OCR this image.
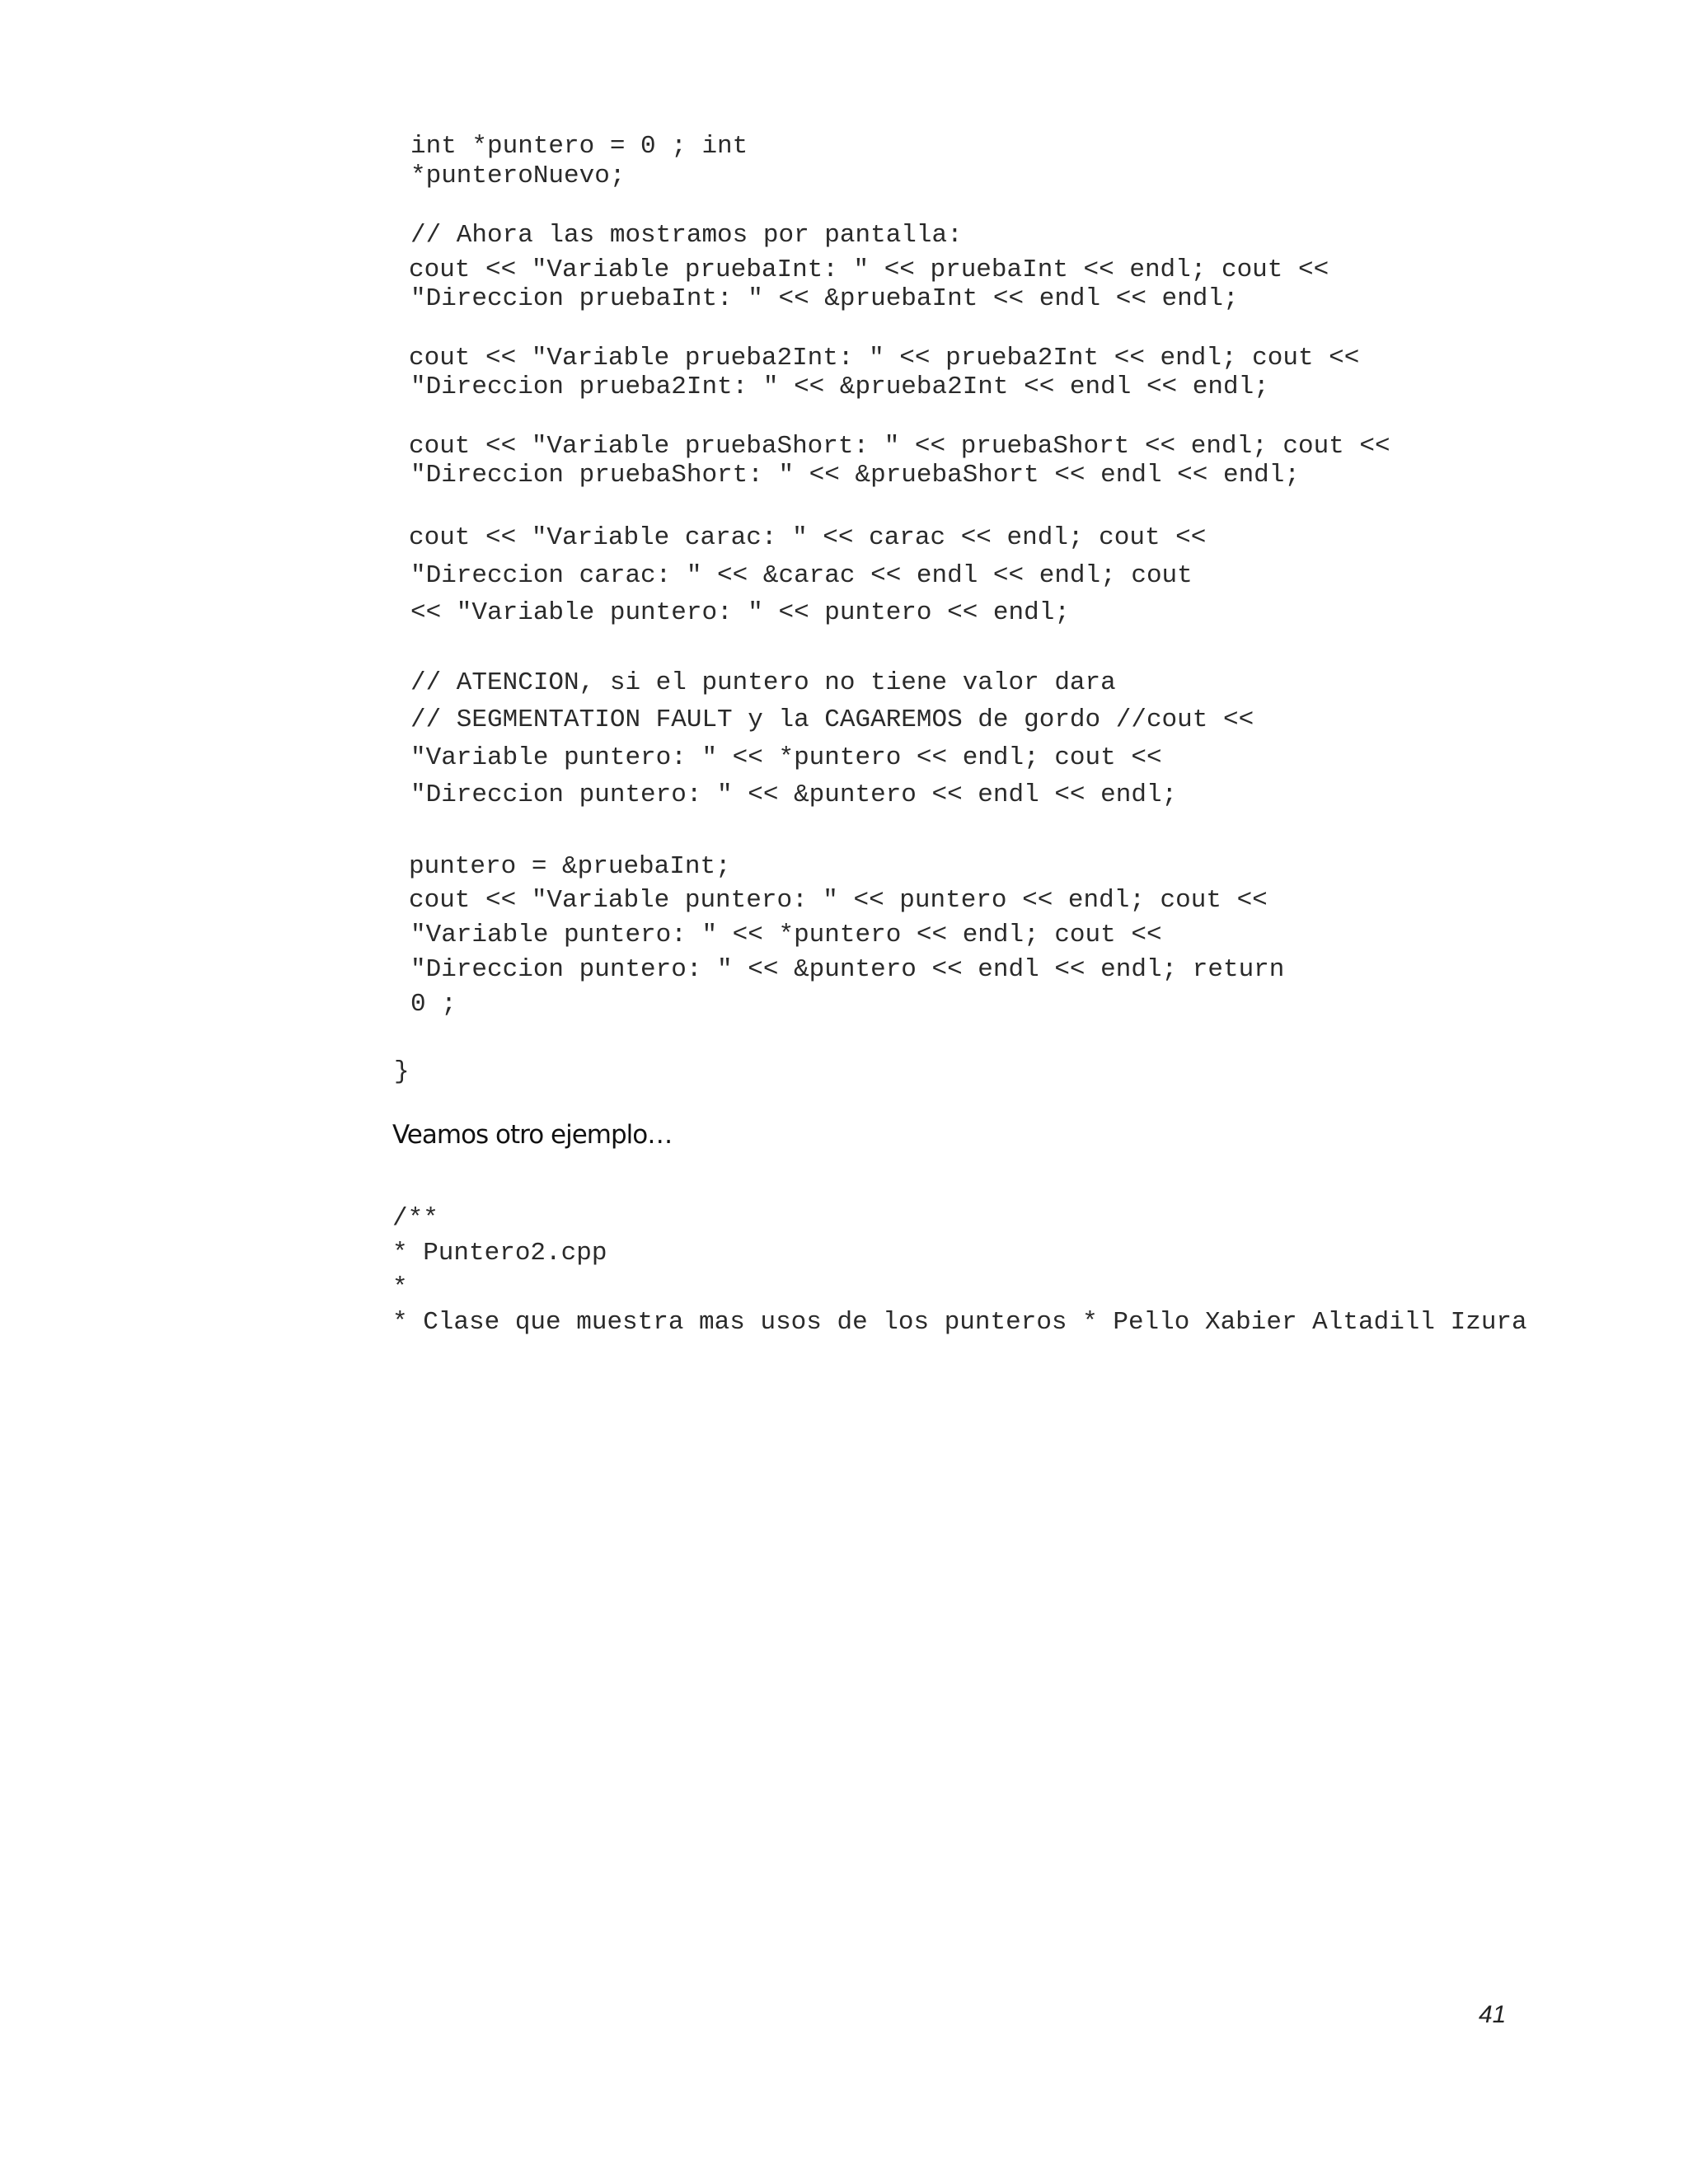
int *puntero = 0 ; int
*punteroNuevo;
// Ahora las mostramos por pantalla:
cout << "Variable pruebaInt: " << pruebaInt << endl; cout <<
"Direccion pruebaInt: " << &pruebaInt << endl << endl;
cout << "Variable prueba2Int: " << prueba2Int << endl; cout <<
"Direccion prueba2Int: " << &prueba2Int << endl << endl;
cout << "Variable pruebaShort: " << pruebaShort << endl; cout <<
"Direccion pruebaShort: " << &pruebaShort << endl << endl;
cout << "Variable carac: " << carac << endl; cout <<
"Direccion carac: " << &carac << endl << endl; cout
<< "Variable puntero: " << puntero << endl;
// ATENCION, si el puntero no tiene valor dara
// SEGMENTATION FAULT y la CAGAREMOS de gordo //cout <<
"Variable puntero: " << *puntero << endl; cout <<
"Direccion puntero: " << &puntero << endl << endl;
puntero = &pruebaInt;
cout << "Variable puntero: " << puntero << endl; cout <<
"Variable puntero: " << *puntero << endl; cout <<
"Direccion puntero: " << &puntero << endl << endl; return
0 ;
}
Veamos otro ejemplo…
/**
* Puntero2.cpp
*
* Clase que muestra mas usos de los punteros * Pello Xabier Altadill Izura
41
